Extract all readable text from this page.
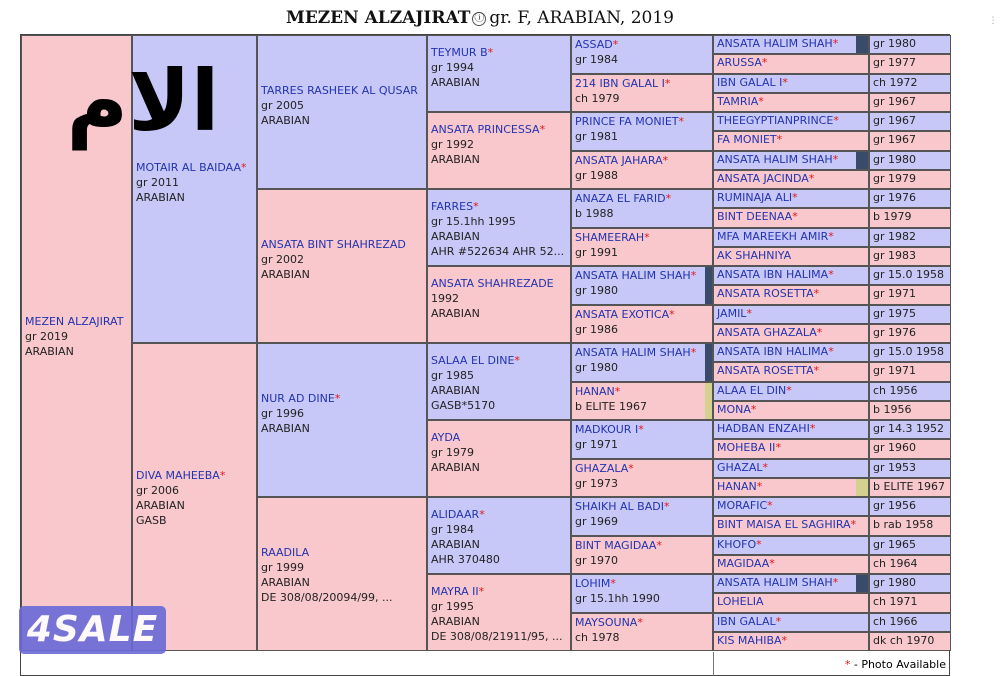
MEZEN ALZAJIRAT ⓘ gr. F, ARABIAN, 2019
MEZEN ALZAJIRAT
gr 2019
ARABIAN
MOTAIR AL BAIDAA*
gr 2011
ARABIAN
DIVA MAHEEBA*
gr 2006
ARABIAN
GASB
TARRES RASHEEK AL QUSAR
gr 2005
ARABIAN
ANSATA BINT SHAHREZAD
gr 2002
ARABIAN
NUR AD DINE*
gr 1996
ARABIAN
RAADILA
gr 1999
ARABIAN
DE 308/08/20094/99, ...
TEYMUR B*
gr 1994
ARABIAN
ANSATA PRINCESSA*
gr 1992
ARABIAN
FARRES*
gr 15.1hh 1995
ARABIAN
AHR #522634 AHR 52...
ANSATA SHAHREZADE
1992
ARABIAN
SALAA EL DINE*
gr 1985
ARABIAN
GASB*5170
AYDA
gr 1979
ARABIAN
ALIDAAR*
gr 1984
ARABIAN
AHR 370480
MAYRA II*
gr 1995
ARABIAN
DE 308/08/21911/95, ...
ASSAD*
gr 1984
214 IBN GALAL I*
ch 1979
PRINCE FA MONIET*
gr 1981
ANSATA JAHARA*
gr 1988
ANAZA EL FARID*
b 1988
SHAMEERAH*
gr 1991
ANSATA HALIM SHAH*
gr 1980
ANSATA EXOTICA*
gr 1986
ANSATA HALIM SHAH*
gr 1980
HANAN*
b ELITE 1967
MADKOUR I*
gr 1971
GHAZALA*
gr 1973
SHAIKH AL BADI*
gr 1969
BINT MAGIDAA*
gr 1970
LOHIM*
gr 15.1hh 1990
MAYSOUNA*
ch 1978
ANSATA HALIM SHAH*	gr 1980
ARUSSA*	gr 1977
IBN GALAL I*	ch 1972
TAMRIA*	gr 1967
THEEGYPTIANPRINCE*	gr 1967
FA MONIET*	gr 1967
ANSATA HALIM SHAH*	gr 1980
ANSATA JACINDA*	gr 1979
RUMINAJA ALI*	gr 1976
BINT DEENAA*	b 1979
MFA MAREEKH AMIR*	gr 1982
AK SHAHNIYA	gr 1983
ANSATA IBN HALIMA*	gr 15.0 1958
ANSATA ROSETTA*	gr 1971
JAMIL*	gr 1975
ANSATA GHAZALA*	gr 1976
ANSATA IBN HALIMA*	gr 15.0 1958
ANSATA ROSETTA*	gr 1971
ALAA EL DIN*	ch 1956
MONA*	b 1956
HADBAN ENZAHI*	gr 14.3 1952
MOHEBA II*	gr 1960
GHAZAL*	gr 1953
HANAN*	b ELITE 1967
MORAFIC*	gr 1956
BINT MAISA EL SAGHIRA*	b rab 1958
KHOFO*	gr 1965
MAGIDAA*	ch 1964
ANSATA HALIM SHAH*	gr 1980
LOHELIA	ch 1971
IBN GALAL*	ch 1966
KIS MAHIBA*	dk ch 1970
الام
4SALE
* - Photo Available
⋮
